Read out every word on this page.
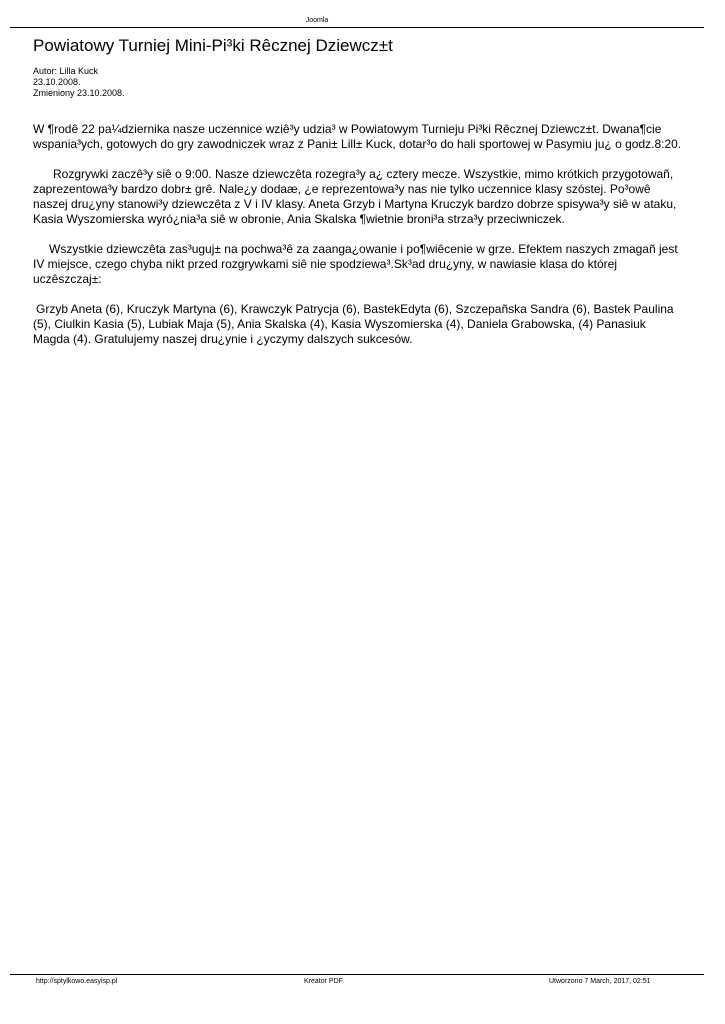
Joomla
Powiatowy Turniej Mini-Pi³ki Rêcznej Dziewcz±t
Autor: Lilla Kuck
23.10.2008.
Zmieniony 23.10.2008.

W ¶rodê 22 pa¼dziernika nasze uczennice wziê³y udzia³ w Powiatowym Turnieju Pi³ki Rêcznej Dziewcz±t. Dwana¶cie wspania³ych, gotowych do gry zawodniczek wraz z Pani± Lill± Kuck, dotar³o do hali sportowej w Pasymiu ju¿ o godz.8:20.

Rozgrywki zaczê³y siê o 9:00. Nasze dziewczêta rozegra³y a¿ cztery mecze. Wszystkie, mimo krótkich przygotowañ, zaprezentowa³y bardzo dobr± grê. Nale¿y dodaæ, ¿e reprezentowa³y nas nie tylko uczennice klasy szóstej. Po³owê naszej dru¿yny stanowi³y dziewczêta z V i IV klasy. Aneta Grzyb i Martyna Kruczyk bardzo dobrze spisywa³y siê w ataku, Kasia Wyszomierska wyró¿nia³a siê w obronie, Ania Skalska ¶wietnie broni³a strza³y przeciwniczek.

Wszystkie dziewczêta zas³uguj± na pochwa³ê za zaanga¿owanie i po¶wiêcenie w grze. Efektem naszych zmagañ jest IV miejsce, czego chyba nikt przed rozgrywkami siê nie spodziewa³.Sk³ad dru¿yny, w nawiasie klasa do której uczêszczaj±:

Grzyb Aneta (6), Kruczyk Martyna (6), Krawczyk Patrycja (6), BastekEdyta (6), Szczepañska Sandra (6), Bastek Paulina (5), Ciulkin Kasia (5), Lubiak Maja (5), Ania Skalska (4), Kasia Wyszomierska (4), Daniela Grabowska, (4) Panasiuk Magda (4). Gratulujemy naszej dru¿ynie i ¿yczymy dalszych sukcesów.

http://sptylkowo.easyisp.pl	Kreator PDF	Utworzono 7 March, 2017, 02:51
